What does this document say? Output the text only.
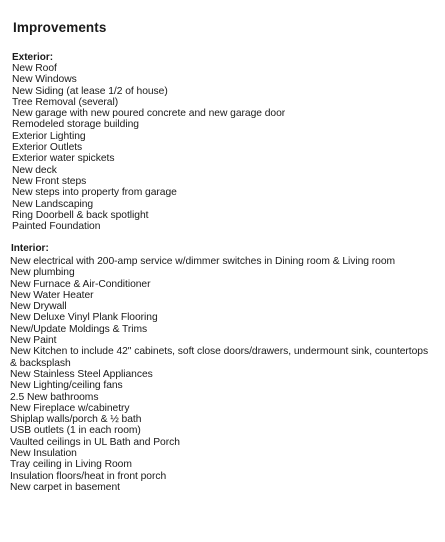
Improvements
Exterior:
New Roof
New Windows
New Siding (at lease 1/2 of house)
Tree Removal (several)
New garage with new poured concrete and new garage door
Remodeled storage building
Exterior Lighting
Exterior Outlets
Exterior water spickets
New deck
New Front steps
New steps into property from garage
New Landscaping
Ring Doorbell & back spotlight
Painted Foundation
Interior:
New electrical with 200-amp service w/dimmer switches in Dining room & Living room
New plumbing
New Furnace & Air-Conditioner
New Water Heater
New Drywall
New Deluxe Vinyl Plank Flooring
New/Update Moldings & Trims
New Paint
New Kitchen to include 42" cabinets, soft close doors/drawers, undermount sink, countertops & backsplash
New Stainless Steel Appliances
New Lighting/ceiling fans
2.5 New bathrooms
New Fireplace w/cabinetry
Shiplap walls/porch & ½ bath
USB outlets (1 in each room)
Vaulted ceilings in UL Bath and Porch
New Insulation
Tray ceiling in Living Room
Insulation floors/heat in front porch
New carpet in basement
